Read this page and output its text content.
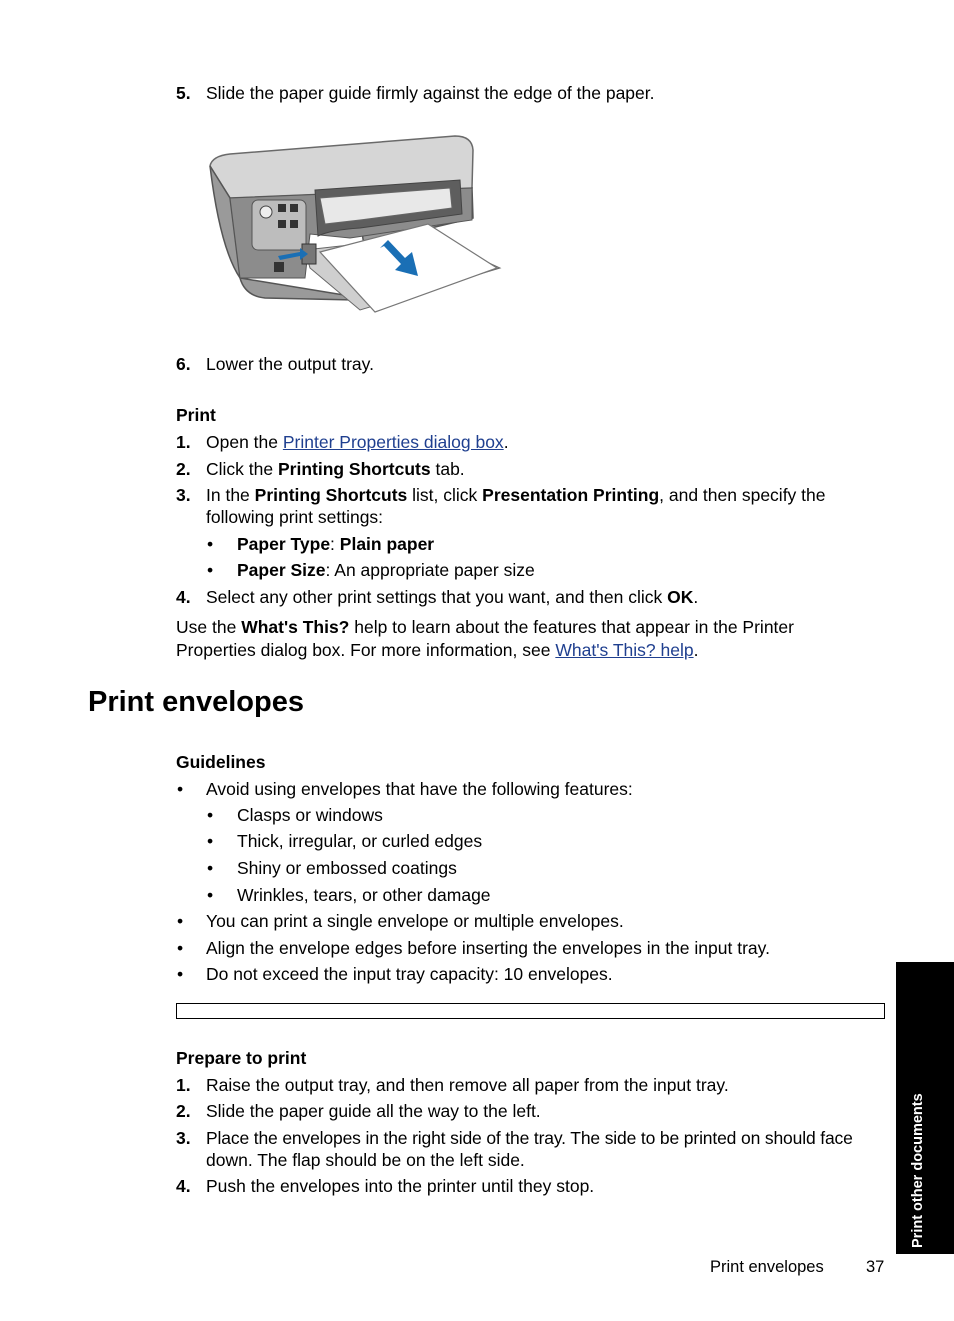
5. Slide the paper guide firmly against the edge of the paper.
6. Lower the output tray.
Print
1. Open the Printer Properties dialog box.
2. Click the Printing Shortcuts tab.
3. In the Printing Shortcuts list, click Presentation Printing, and then specify the
following print settings:
• Paper Type: Plain paper
• Paper Size: An appropriate paper size
4. Select any other print settings that you want, and then click OK.
Use the What's This? help to learn about the features that appear in the Printer
Properties dialog box. For more information, see What's This? help.
Print envelopes
Guidelines
• Avoid using envelopes that have the following features:
• Clasps or windows
• Thick, irregular, or curled edges
• Shiny or embossed coatings
• Wrinkles, tears, or other damage
• You can print a single envelope or multiple envelopes.
• Align the envelope edges before inserting the envelopes in the input tray.
• Do not exceed the input tray capacity: 10 envelopes.
Prepare to print
1. Raise the output tray, and then remove all paper from the input tray.
2. Slide the paper guide all the way to the left.
3. Place the envelopes in the right side of the tray. The side to be printed on should face
down. The flap should be on the left side.
4. Push the envelopes into the printer until they stop.	Print other documents
Print envelopes	37
